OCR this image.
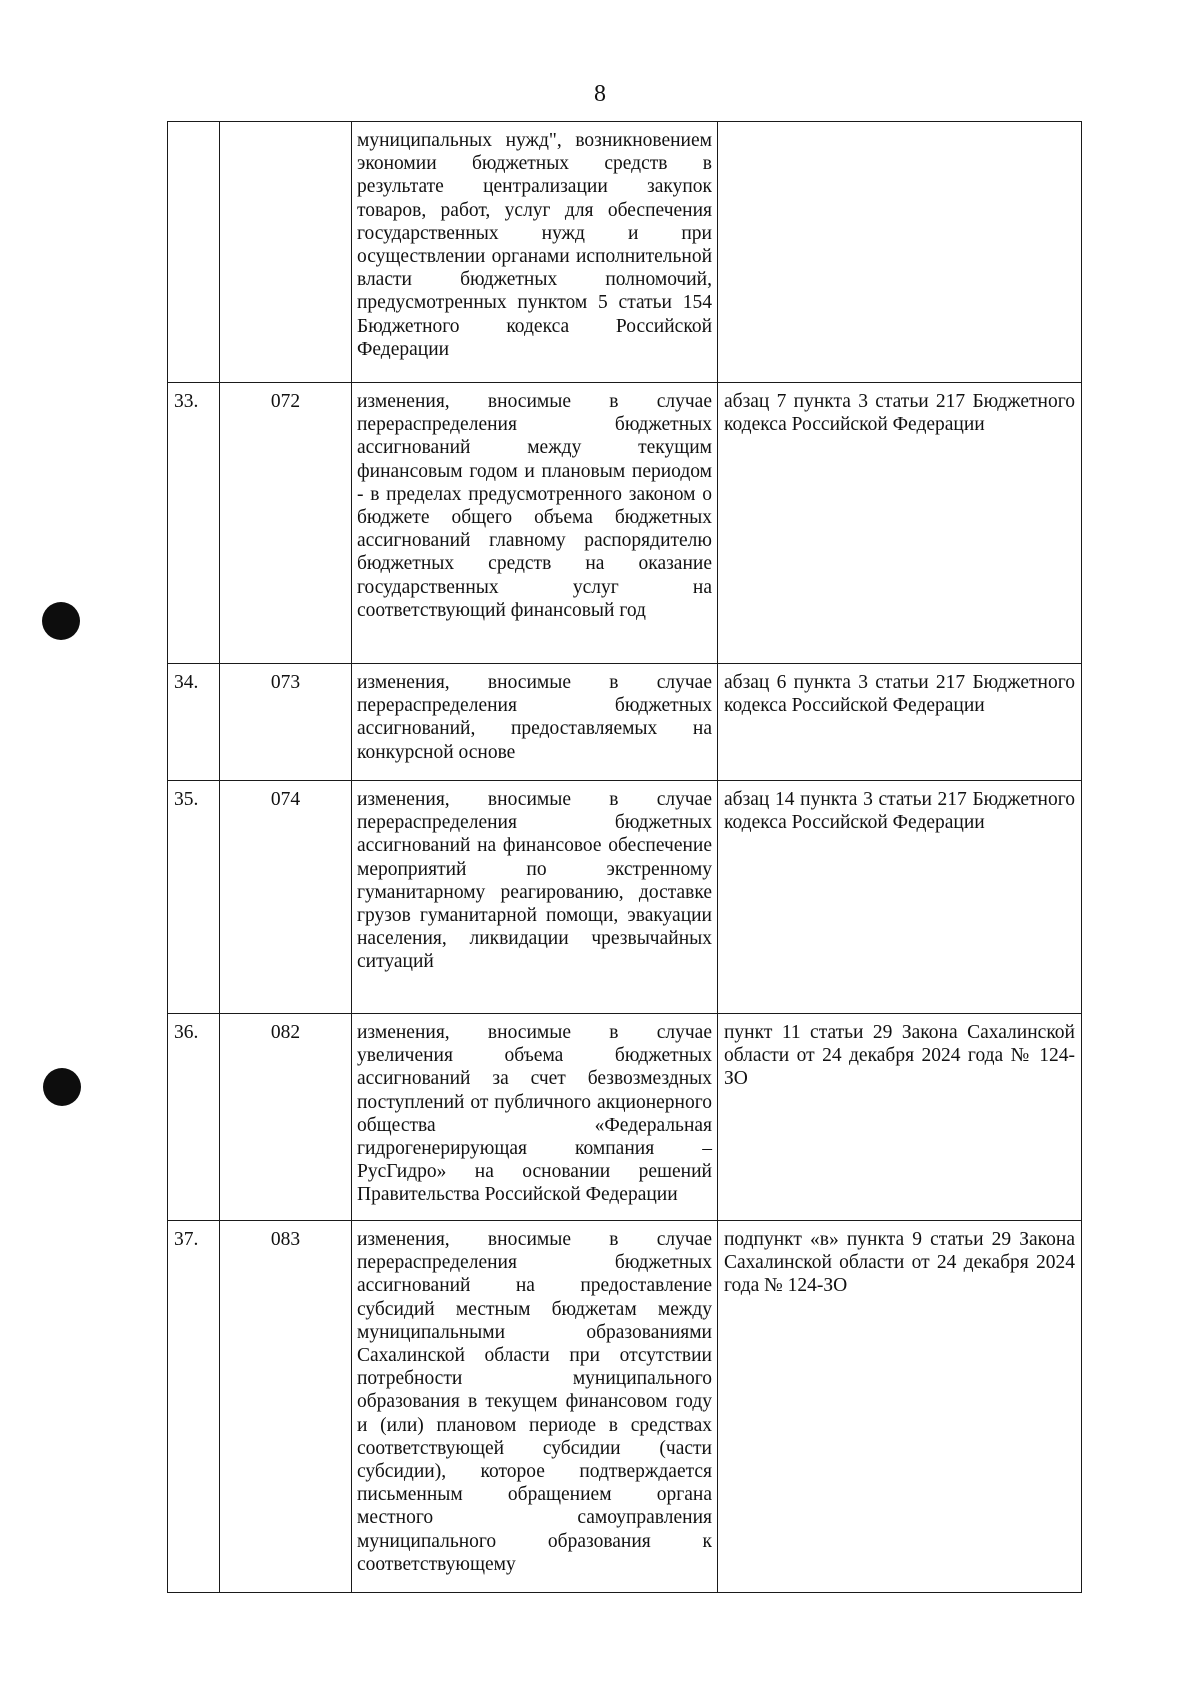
8
		муниципальных нужд", возникновением экономии бюджетных средств в результате централизации закупок товаров, работ, услуг для обеспечения государственных нужд и при осуществлении органами исполнительной власти бюджетных полномочий, предусмотренных пунктом 5 статьи 154 Бюджетного кодекса Российской Федерации	
33.	072	изменения, вносимые в случае перераспределения бюджетных ассигнований между текущим финансовым годом и плановым периодом - в пределах предусмотренного законом о бюджете общего объема бюджетных ассигнований главному распорядителю бюджетных средств на оказание государственных услуг на соответствующий финансовый год	абзац 7 пункта 3 статьи 217 Бюджетного кодекса Российской Федерации
34.	073	изменения, вносимые в случае перераспределения бюджетных ассигнований, предоставляемых на конкурсной основе	абзац 6 пункта 3 статьи 217 Бюджетного кодекса Российской Федерации
35.	074	изменения, вносимые в случае перераспределения бюджетных ассигнований на финансовое обеспечение мероприятий по экстренному гуманитарному реагированию, доставке грузов гуманитарной помощи, эвакуации населения, ликвидации чрезвычайных ситуаций	абзац 14 пункта 3 статьи 217 Бюджетного кодекса Российской Федерации
36.	082	изменения, вносимые в случае увеличения объема бюджетных ассигнований за счет безвозмездных поступлений от публичного акционерного общества «Федеральная гидрогенерирующая компания – РусГидро» на основании решений Правительства Российской Федерации	пункт 11 статьи 29 Закона Сахалинской области от 24 декабря 2024 года № 124-ЗО
37.	083	изменения, вносимые в случае перераспределения бюджетных ассигнований на предоставление субсидий местным бюджетам между муниципальными образованиями Сахалинской области при отсутствии потребности муниципального образования в текущем финансовом году и (или) плановом периоде в средствах соответствующей субсидии (части субсидии), которое подтверждается письменным обращением органа местного самоуправления муниципального образования к соответствующему	подпункт «в» пункта 9 статьи 29 Закона Сахалинской области от 24 декабря 2024 года № 124-ЗО
